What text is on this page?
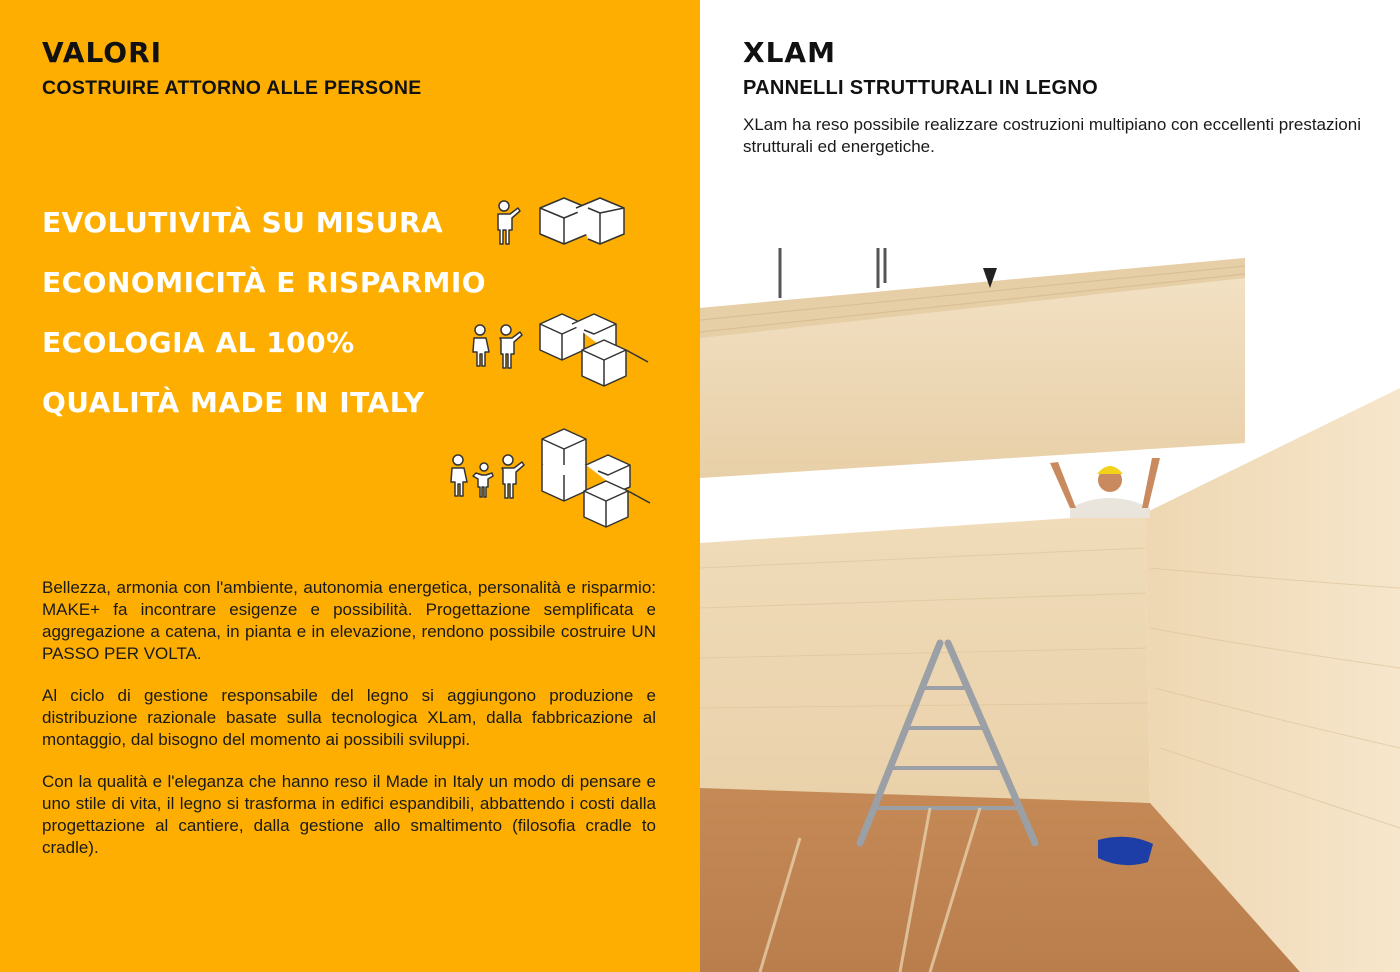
VALORI
COSTRUIRE ATTORNO ALLE PERSONE
EVOLUTIVITÀ SU MISURA
ECONOMICITÀ E RISPARMIO
ECOLOGIA AL 100%
QUALITÀ MADE IN ITALY

Bellezza, armonia con l'ambiente, autonomia energetica, personalità e risparmio: MAKE+ fa incontrare esigenze e possibilità. Progettazione semplificata e aggregazione a catena, in pianta e in elevazione, rendono possibile costruire UN PASSO PER VOLTA.

Al ciclo di gestione responsabile del legno si aggiungono produzione e distribuzione razionale basate sulla tecnologica XLam, dalla fabbricazione al montaggio, dal bisogno del momento ai possibili sviluppi.

Con la qualità e l'eleganza che hanno reso il Made in Italy un modo di pensare e uno stile di vita, il legno si trasforma in edifici espandibili, abbattendo i costi dalla progettazione al cantiere, dalla gestione allo smaltimento (filosofia cradle to cradle).

XLAM
PANNELLI STRUTTURALI IN LEGNO

XLam ha reso possibile realizzare costruzioni multipiano con eccellenti prestazioni strutturali ed energetiche.
